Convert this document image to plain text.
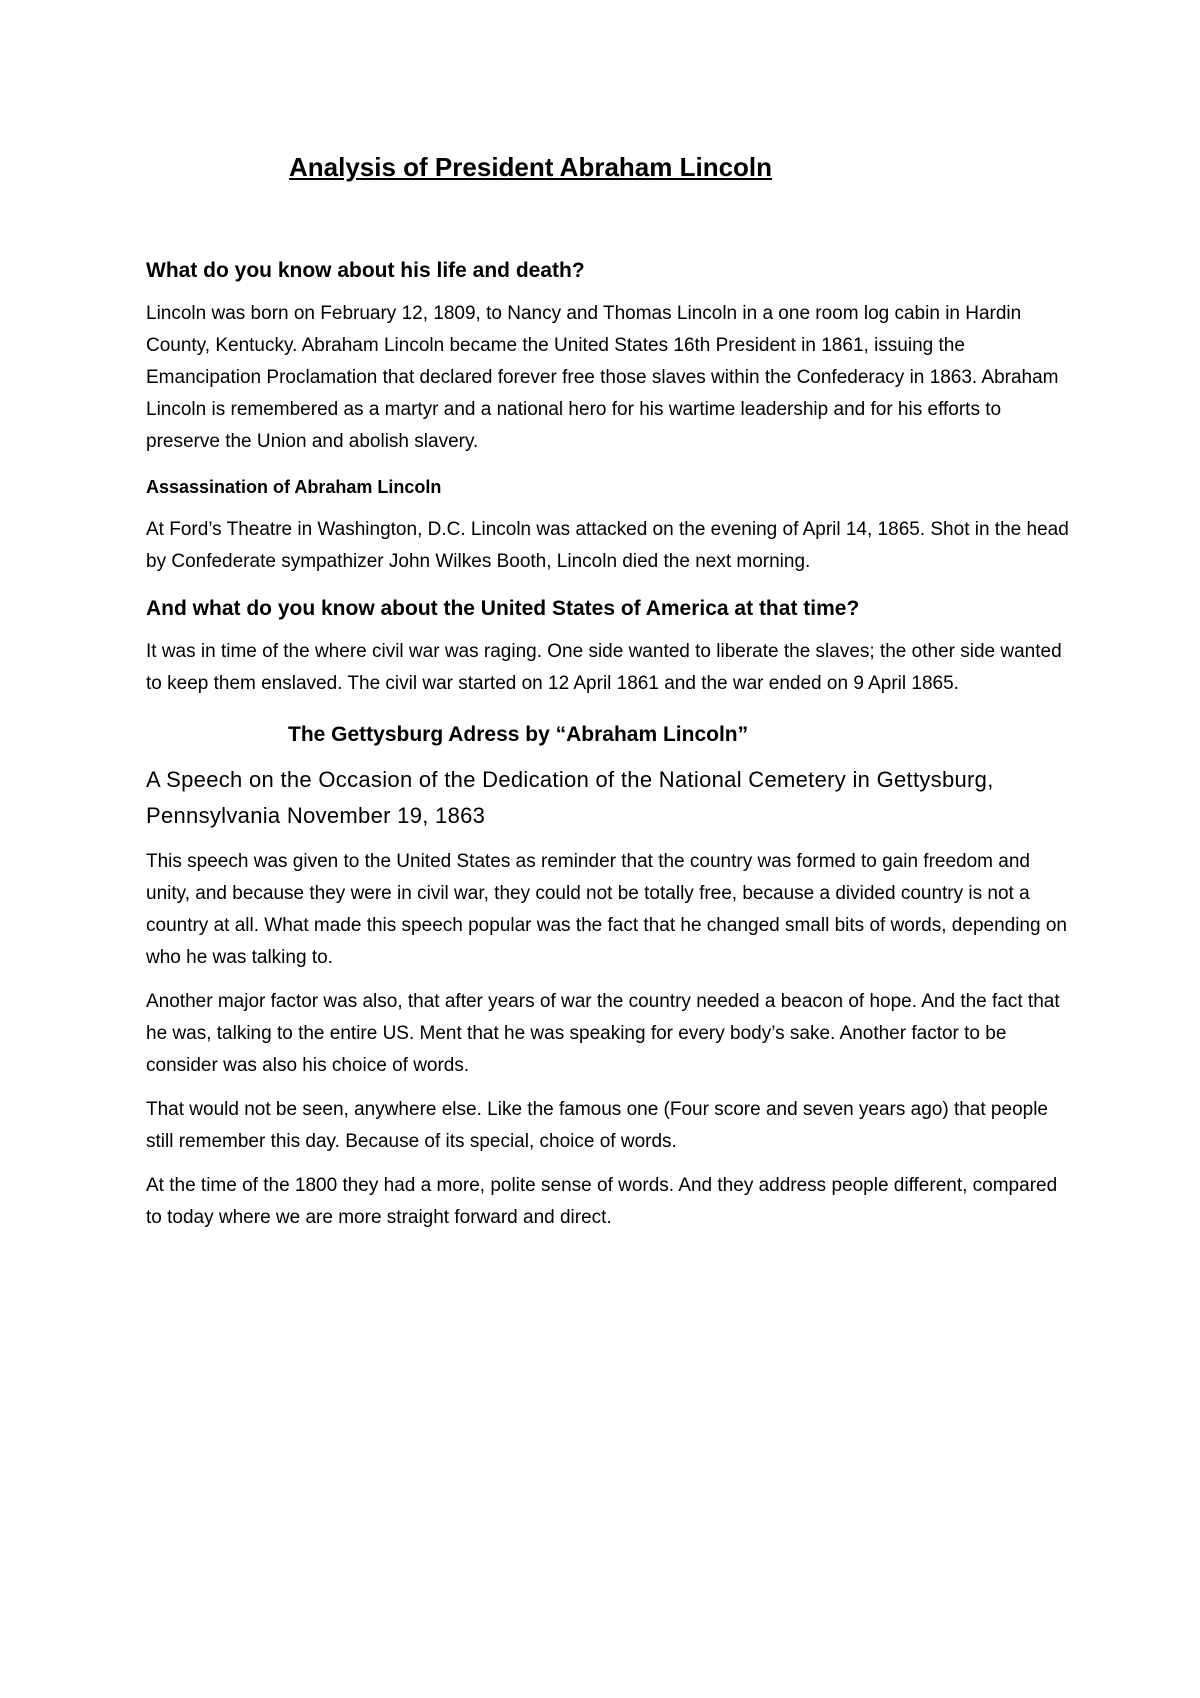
Analysis of President Abraham Lincoln
What do you know about his life and death?

Lincoln was born on February 12, 1809, to Nancy and Thomas Lincoln in a one room log cabin in Hardin County, Kentucky. Abraham Lincoln became the United States 16th President in 1861, issuing the Emancipation Proclamation that declared forever free those slaves within the Confederacy in 1863. Abraham Lincoln is remembered as a martyr and a national hero for his wartime leadership and for his efforts to preserve the Union and abolish slavery.

Assassination of Abraham Lincoln

At Ford’s Theatre in Washington, D.C. Lincoln was attacked on the evening of April 14, 1865. Shot in the head by Confederate sympathizer John Wilkes Booth, Lincoln died the next morning.

And what do you know about the United States of America at that time?

It was in time of the where civil war was raging. One side wanted to liberate the slaves; the other side wanted to keep them enslaved. The civil war started on 12 April 1861 and the war ended on 9 April 1865.

The Gettysburg Adress by “Abraham Lincoln”

A Speech on the Occasion of the Dedication of the National Cemetery in Gettysburg, Pennsylvania November 19, 1863

This speech was given to the United States as reminder that the country was formed to gain freedom and unity, and because they were in civil war, they could not be totally free, because a divided country is not a country at all. What made this speech popular was the fact that he changed small bits of words, depending on who he was talking to.

Another major factor was also, that after years of war the country needed a beacon of hope. And the fact that he was, talking to the entire US. Ment that he was speaking for every body’s sake. Another factor to be consider was also his choice of words.

That would not be seen, anywhere else. Like the famous one (Four score and seven years ago) that people still remember this day. Because of its special, choice of words.

At the time of the 1800 they had a more, polite sense of words. And they address people different, compared to today where we are more straight forward and direct.
